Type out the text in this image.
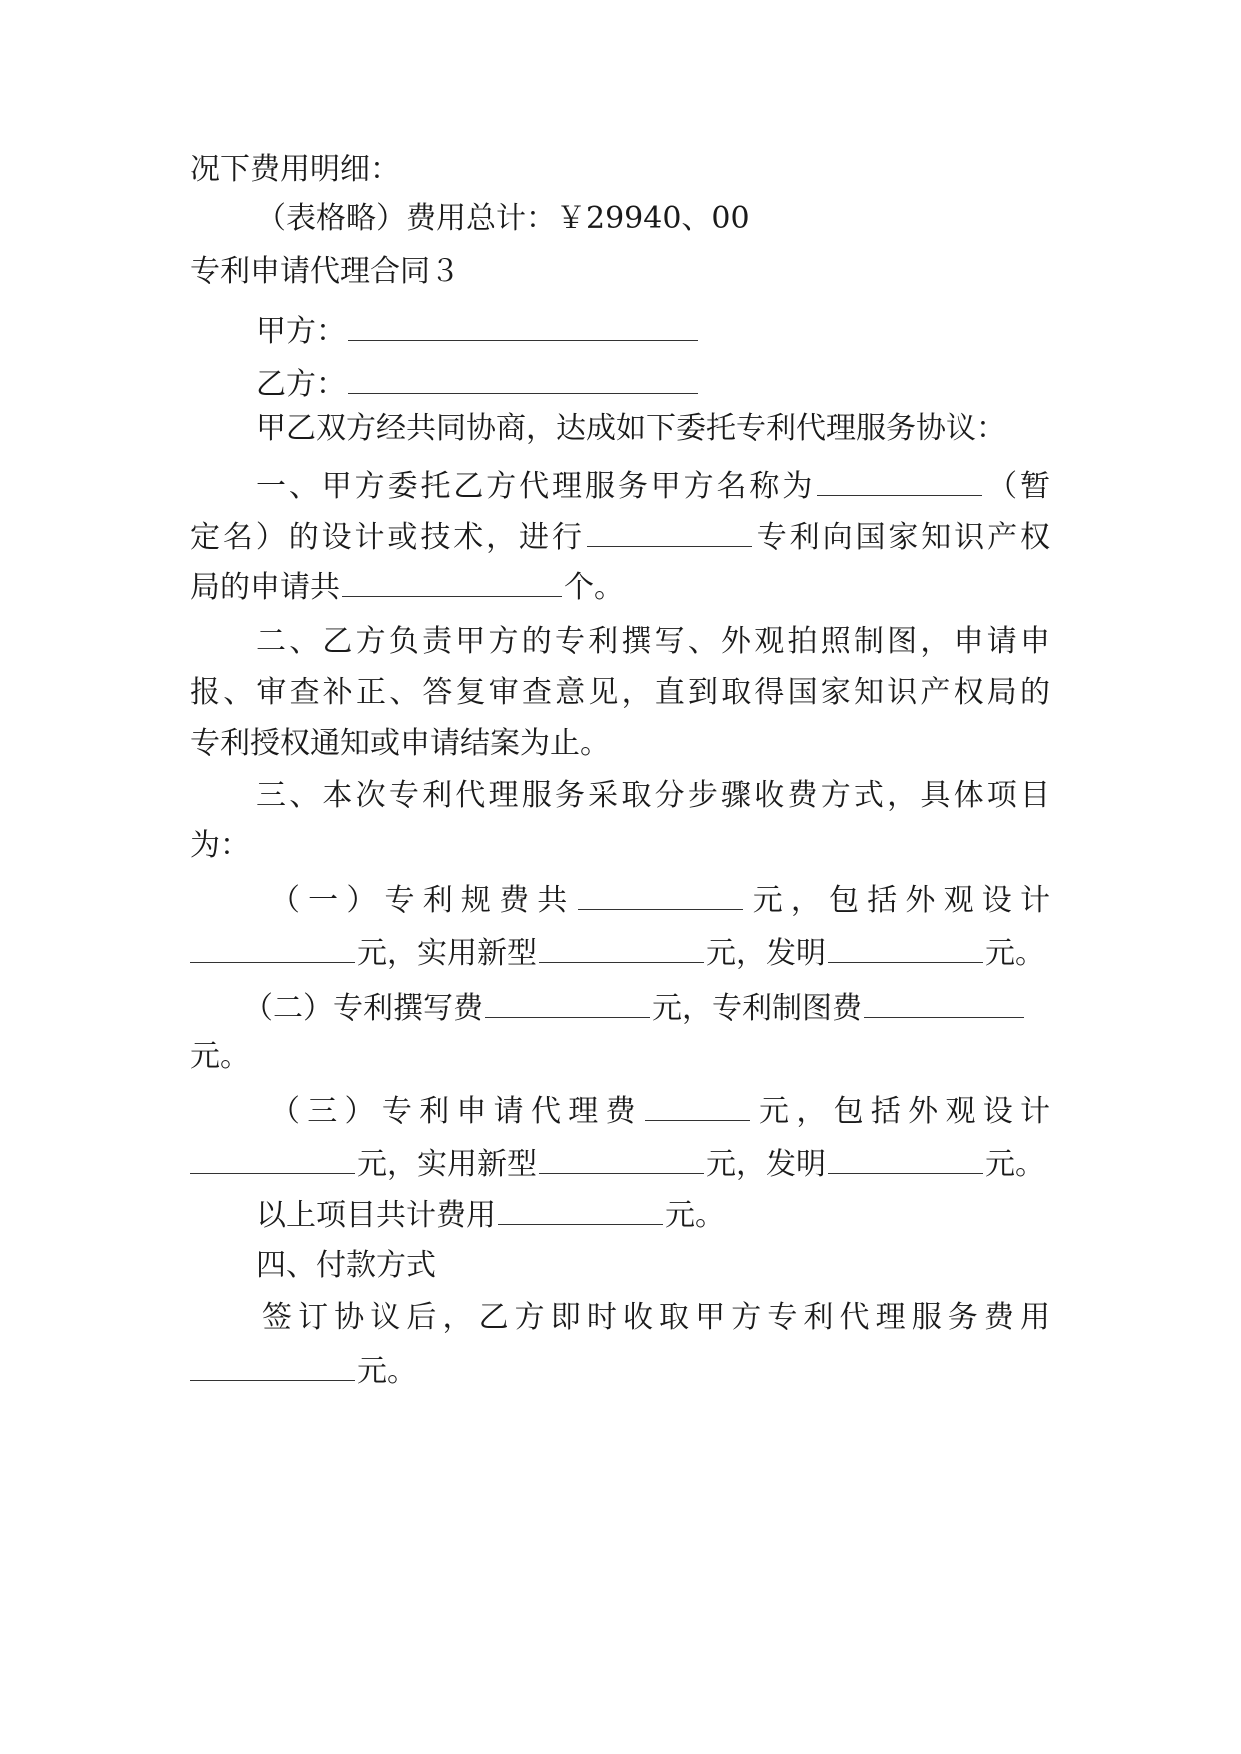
况下费用明细：
（表格略）费用总计：￥29940、00
专利申请代理合同３
甲方：
乙方：
甲乙双方经共同协商，达成如下委托专利代理服务协议：
一、甲方委托乙方代理服务甲方名称为	（暂
定名）的设计或技术，进行	专利向国家知识产权
局的申请共	个。
二、乙方负责甲方的专利撰写、外观拍照制图，申请申
报、审查补正、答复审查意见，直到取得国家知识产权局的
专利授权通知或申请结案为止。
三、本次专利代理服务采取分步骤收费方式，具体项目
为：
（一）专利规费共	元，包括外观设计
元，实用新型	元，发明	元。
（二）专利撰写费	元，专利制图费
元。
（三）专利申请代理费	元，包括外观设计
元，实用新型	元，发明	元。
以上项目共计费用	元。
四、付款方式
签订协议后，乙方即时收取甲方专利代理服务费用
元。
